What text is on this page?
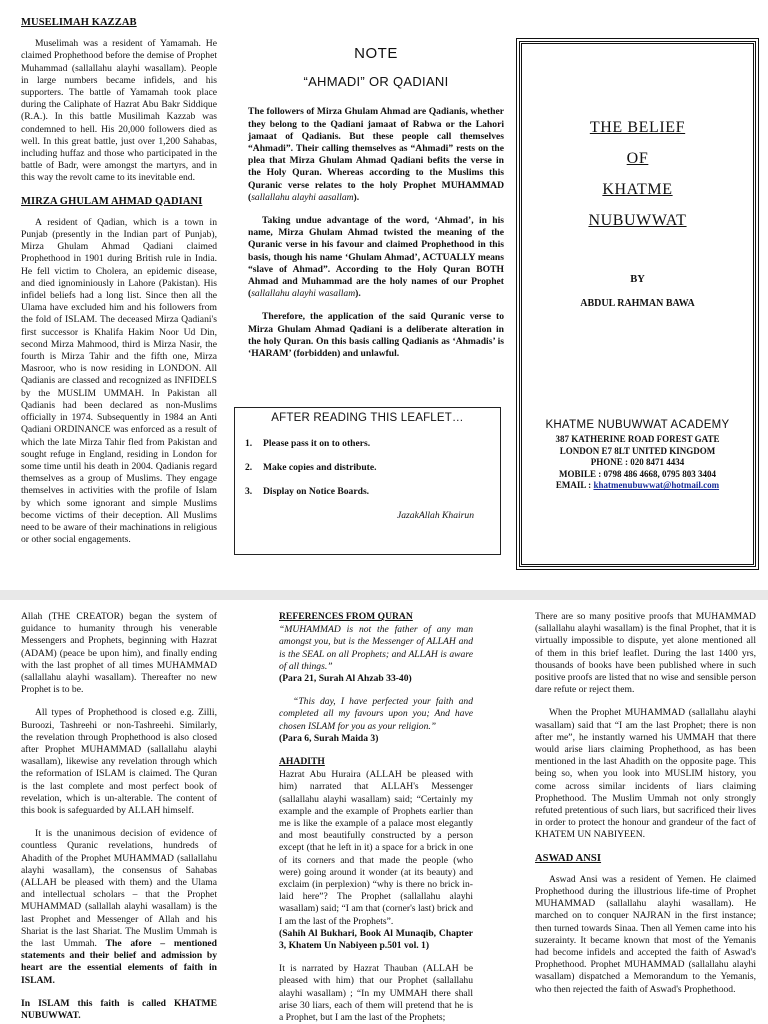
MUSELIMAH KAZZAB

Muselimah was a resident of Yamamah. He claimed Prophethood before the demise of Prophet Muhammad (sallallahu alayhi wasallam). People in large numbers became infidels, and his supporters. The battle of Yamamah took place during the Caliphate of Hazrat Abu Bakr Siddique (R.A.). In this battle Musilimah Kazzab was condemned to hell. His 20,000 followers died as well. In this great battle, just over 1,200 Sahabas, including huffaz and those who participated in the battle of Badr, were amongst the martyrs, and in this way the revolt came to its inevitable end.

MIRZA GHULAM AHMAD QADIANI

A resident of Qadian, which is a town in Punjab (presently in the Indian part of Punjab), Mirza Ghulam Ahmad Qadiani claimed Prophethood in 1901 during British rule in India. He fell victim to Cholera, an epidemic disease, and died ignominiously in Lahore (Pakistan). His infidel beliefs had a long list. Since then all the Ulama have excluded him and his followers from the fold of ISLAM. The deceased Mirza Qadiani's first successor is Khalifa Hakim Noor Ud Din, second Mirza Mahmood, third is Mirza Nasir, the fourth is Mirza Tahir and the fifth one, Mirza Masroor, who is now residing in LONDON. All Qadianis are classed and recognized as INFIDELS by the MUSLIM UMMAH. In Pakistan all Qadianis had been declared as non-Muslims officially in 1974. Subsequently in 1984 an Anti Qadiani ORDINANCE was enforced as a result of which the late Mirza Tahir fled from Pakistan and sought refuge in England, residing in London for some time until his death in 2004. Qadianis regard themselves as a group of Muslims. They engage themselves in activities with the profile of Islam by which some ignorant and simple Muslims become victims of their deception. All Muslims need to be aware of their machinations in religious or other social engagements.

NOTE
“AHMADI” OR QADIANI

The followers of Mirza Ghulam Ahmad are Qadianis, whether they belong to the Qadiani jamaat of Rabwa or the Lahori jamaat of Qadianis. But these people call themselves “Ahmadi”. Their calling themselves as “Ahmadi” rests on the plea that Mirza Ghulam Ahmad Qadiani befits the verse in the Holy Quran. Whereas according to the Muslims this Quranic verse relates to the holy Prophet MUHAMMAD (sallallahu alayhi aasallam).

Taking undue advantage of the word, ‘Ahmad’, in his name, Mirza Ghulam Ahmad twisted the meaning of the Quranic verse in his favour and claimed Prophethood in this basis, though his name ‘Ghulam Ahmad’, ACTUALLY means “slave of Ahmad”. According to the Holy Quran BOTH Ahmad and Muhammad are the holy names of our Prophet (sallallahu alayhi wasallam).

Therefore, the application of the said Quranic verse to Mirza Ghulam Ahmad Qadiani is a deliberate alteration in the holy Quran. On this basis calling Qadianis as ‘Ahmadis’ is ‘HARAM’ (forbidden) and unlawful.

AFTER READING THIS LEAFLET…
1. Please pass it on to others.
2. Make copies and distribute.
3. Display on Notice Boards.
JazakAllah Khairun
THE BELIEF
OF
KHATME
NUBUWWAT
BY
ABDUL RAHMAN BAWA
KHATME NUBUWWAT ACADEMY
387 KATHERINE ROAD FOREST GATE
LONDON E7 8LT UNITED KINGDOM
PHONE : 020 8471 4434
MOBILE : 0798 486 4668, 0795 803 3404
EMAIL : khatmenubuwwat@hotmail.com

Allah (THE CREATOR) began the system of guidance to humanity through his venerable Messengers and Prophets, beginning with Hazrat (ADAM) (peace be upon him), and finally ending with the last prophet of all times MUHAMMAD (sallallahu alayhi wasallam). Thereafter no new Prophet is to be.

All types of Prophethood is closed e.g. Zilli, Buroozi, Tashreehi or non-Tashreehi. Similarly, the revelation through Prophethood is also closed after Prophet MUHAMMAD (sallallahu alayhi wasallam), likewise any revelation through which the reformation of ISLAM is claimed. The Quran is the last complete and most perfect book of revelation, which is un-alterable. The content of this book is safeguarded by ALLAH himself.

It is the unanimous decision of evidence of countless Quranic revelations, hundreds of Ahadith of the Prophet MUHAMMAD (sallallahu alayhi wasallam), the consensus of Sahabas (ALLAH be pleased with them) and the Ulama and intellectual scholars – that the Prophet MUHAMMAD (sallallah alayhi wasallam) is the last Prophet and Messenger of Allah and his Shariat is the last Shariat. The Muslim Ummah is the last Ummah. The afore – mentioned statements and their belief and admission by heart are the essential elements of faith in ISLAM.

In ISLAM this faith is called KHATME NUBUWWAT.

REFERENCES FROM QURAN

“MUHAMMAD is not the father of any man amongst you, but is the Messenger of ALLAH and is the SEAL on all Prophets; and ALLAH is aware of all things.”
(Para 21, Surah Al Ahzab 33-40)

“This day, I have perfected your faith and completed all my favours upon you; And have chosen ISLAM for you as your religion.”
(Para 6, Surah Maida 3)

AHADITH

Hazrat Abu Huraira (ALLAH be pleased with him) narrated that ALLAH's Messenger (sallallahu alayhi wasallam) said; “Certainly my example and the example of Prophets earlier than me is like the example of a palace most elegantly and most beautifully constructed by a person except (that he left in it) a space for a brick in one of its corners and that made the people (who were) going around it wonder (at its beauty) and exclaim (in perplexion) “why is there no brick in-laid here”? The Prophet (sallallahu alayhi wasallam) said; “I am that (corner's last) brick and I am the last of the Prophets”.
(Sahih Al Bukhari, Book Al Munaqib, Chapter 3, Khatem Un Nabiyeen p.501 vol. 1)

It is narrated by Hazrat Thauban (ALLAH be pleased with him) that our Prophet (sallallahu alayhi wasallam) ; “In my UMMAH there shall arise 30 liars, each of them will pretend that he is a Prophet, but I am the last of the Prophets;

There are so many positive proofs that MUHAMMAD (sallallahu alayhi wasallam) is the final Prophet, that it is virtually impossible to dispute, yet alone mentioned all of them in this brief leaflet. During the last 1400 yrs, thousands of books have been published where in such positive proofs are listed that no wise and sensible person dare refute or reject them.

When the Prophet MUHAMMAD (sallallahu alayhi wasallam) said that “I am the last Prophet; there is non after me”, he instantly warned his UMMAH that there would arise liars claiming Prophethood, as has been mentioned in the last Ahadith on the opposite page. This being so, when you look into MUSLIM history, you come across similar incidents of liars claiming Prophethood. The Muslim Ummah not only strongly refuted pretentious of such liars, but sacrificed their lives in order to protect the honour and grandeur of the fact of KHATEM UN NABIYEEN.

ASWAD ANSI

Aswad Ansi was a resident of Yemen. He claimed Prophethood during the illustrious life-time of Prophet MUHAMMAD (sallallahu alayhi wasallam). He marched on to conquer NAJRAN in the first instance; then turned towards Sinaa. Then all Yemen came into his suzerainty. It became known that most of the Yemanis had become infidels and accepted the faith of Aswad's Prophethood. Prophet MUHAMMAD (sallallahu alayhi wasallam) dispatched a Memorandum to the Yemanis, who then rejected the faith of Aswad's Prophethood.
